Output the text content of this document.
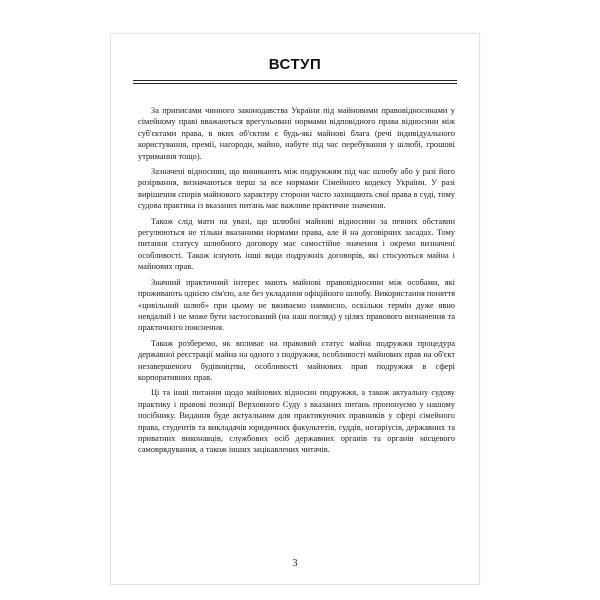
ВСТУП

За приписами чинного законодавства України під майновими правовідносинами у сімейному праві вважаються врегульовані нормами відповідного права відносини між суб'єктами права, в яких об'єктом є будь-які майнові блага (речі індивідуального користування, премії, нагороди, майно, набуте під час перебування у шлюбі, грошові утримання тощо).

Зазначені відносини, що виникають між подружжям під час шлюбу або у разі його розірвання, визначаються перш за все нормами Сімейного кодексу України. У разі вирішення спорів майнового характеру сторони часто захищають свої права в суді, тому судова практика із вказаних питань має важливе практичне значення.

Також слід мати на увазі, що шлюбні майнові відносини за певних обставин регулюються не тільки вказаними нормами права, але й на договірних засадах. Тому питання статусу шлюбного договору має самостійне значення і окремо визначені особливості. Також існують інші види подружніх договорів, які стосуються майна і майнових прав.

Значний практичний інтерес мають майнові правовідносини між особами, які проживають однією сім'єю, але без укладання офіційного шлюбу. Використання поняття «цивільний шлюб» при цьому не вживаємо навмисно, оскільки термін дуже явно невдалий і не може бути застосований (на наш погляд) у цілях правового визначення та практичного пояснення.

Також розберемо, як впливає на правовий статус майна подружжя процедура державної реєстрації майна на одного з подружжя, особливості майнових прав на об'єкт незавершеного будівництва, особливості майнових прав подружжя в сфері корпоративних прав.

Ці та інші питання щодо майнових відносин подружжя, а також актуальну судову практику і правові позиції Верховного Суду з вказаних питань пропонуємо у нашому посібнику. Видання буде актуальним для практикуючих правників у сфері сімейного права, студентів та викладачів юридичних факультетів, суддів, нотаріусів, державних та приватних виконавців, службових осіб державних органів та органів місцевого самоврядування, а також інших зацікавлених читачів.

3
